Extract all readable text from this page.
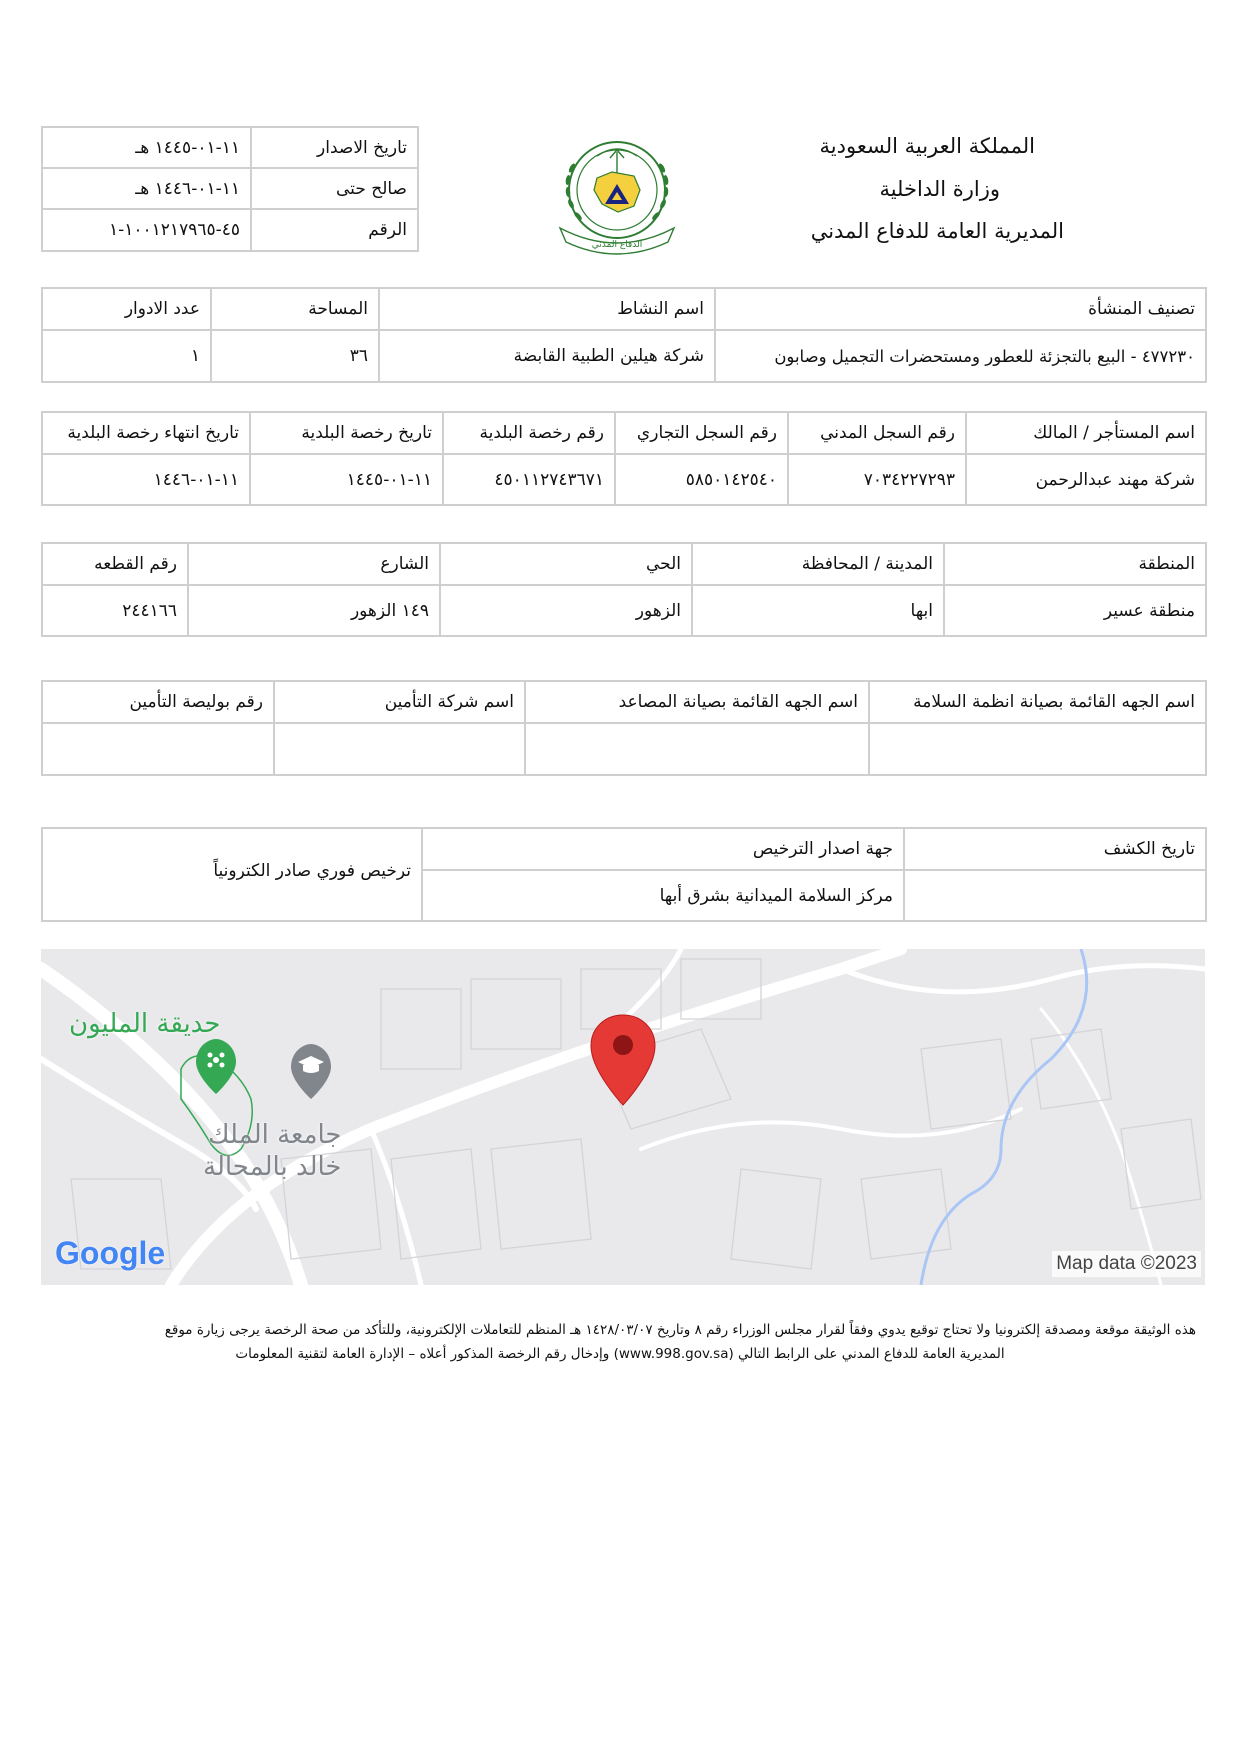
المملكة العربية السعودية
وزارة الداخلية
المديرية العامة للدفاع المدني
الدفاع المدني
تاريخ الاصدار	١١-٠١-١٤٤٥ هـ
صالح حتى	١١-٠١-١٤٤٦ هـ
الرقم	٤٥-١٠٠١٢١٧٩٦٥-١
تصنيف المنشأة	اسم النشاط	المساحة	عدد الادوار
٤٧٧٢٣٠ - البيع بالتجزئة للعطور ومستحضرات التجميل وصابون	شركة هيلين الطبية القابضة	٣٦	١
اسم المستأجر / المالك	رقم السجل المدني	رقم السجل التجاري	رقم رخصة البلدية	تاريخ رخصة البلدية	تاريخ انتهاء رخصة البلدية
شركة مهند عبدالرحمن	٧٠٣٤٢٢٧٢٩٣	٥٨٥٠١٤٢٥٤٠	٤٥٠١١٢٧٤٣٦٧١	١١-٠١-١٤٤٥	١١-٠١-١٤٤٦
المنطقة	المدينة / المحافظة	الحي	الشارع	رقم القطعه
منطقة عسير	ابها	الزهور	١٤٩ الزهور	٢٤٤١٦٦
اسم الجهه القائمة بصيانة انظمة السلامة	اسم الجهه القائمة بصيانة المصاعد	اسم شركة التأمين	رقم بوليصة التأمين

تاريخ الكشف	جهة اصدار الترخيص	ترخيص فوري صادر الكترونياً
	مركز السلامة الميدانية بشرق أبها	
حديقة المليون
جامعة الملك
خالد بالمحالة
Google	Map data ©2023
هذه الوثيقة موقعة ومصدقة إلكترونيا ولا تحتاج توقيع يدوي وفقاً لقرار مجلس الوزراء رقم ٨ وتاريخ ١٤٢٨/٠٣/٠٧ هـ المنظم للتعاملات الإلكترونية، وللتأكد من صحة الرخصة يرجى زيارة موقع
المديرية العامة للدفاع المدني على الرابط التالي (www.998.gov.sa) وإدخال رقم الرخصة المذكور أعلاه – الإدارة العامة لتقنية المعلومات
